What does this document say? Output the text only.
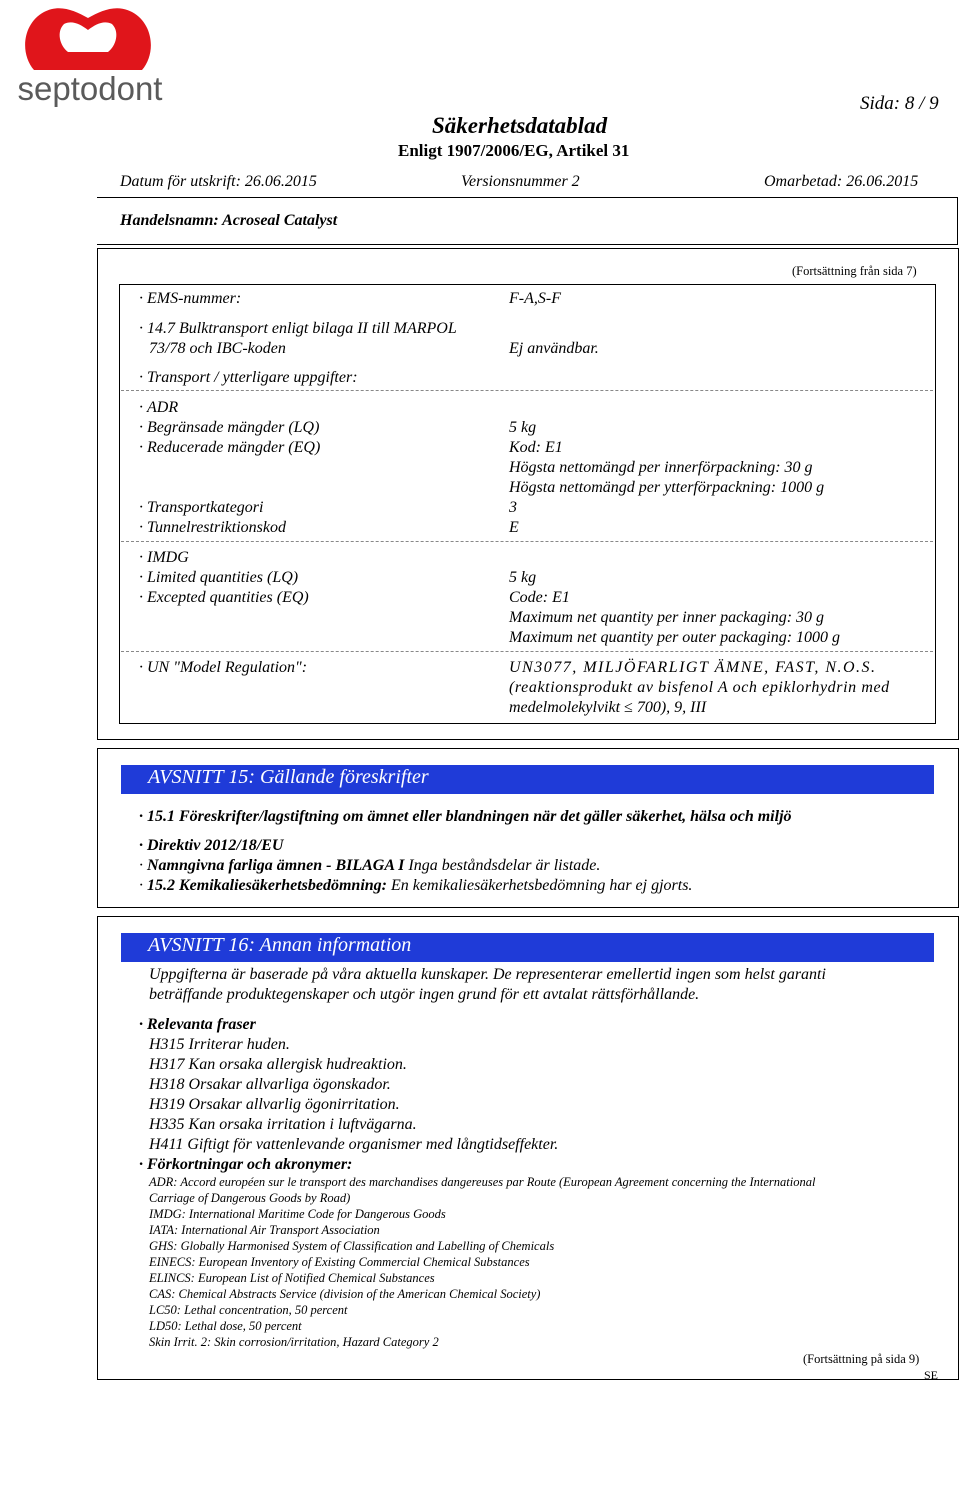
septodont	Sida: 8 / 9
Säkerhetsdatablad
Enligt 1907/2006/EG, Artikel 31
Datum för utskrift: 26.06.2015	Versionsnummer 2	Omarbetad: 26.06.2015
Handelsnamn: Acroseal Catalyst
(Fortsättning från sida 7)
· EMS-nummer:	F-A,S-F
· 14.7 Bulktransport enligt bilaga II till MARPOL
73/78 och IBC-koden	Ej användbar.
· Transport / ytterligare uppgifter:
· ADR
· Begränsade mängder (LQ)	5 kg
· Reducerade mängder (EQ)	Kod: E1
Högsta nettomängd per innerförpackning: 30 g
Högsta nettomängd per ytterförpackning: 1000 g
· Transportkategori	3
· Tunnelrestriktionskod	E
· IMDG
· Limited quantities (LQ)	5 kg
· Excepted quantities (EQ)	Code: E1
Maximum net quantity per inner packaging: 30 g
Maximum net quantity per outer packaging: 1000 g
· UN "Model Regulation":	UN3077, MILJÖFARLIGT ÄMNE, FAST, N.O.S.
(reaktionsprodukt av bisfenol A och epiklorhydrin med
medelmolekylvikt ≤ 700), 9, III
AVSNITT 15: Gällande föreskrifter
· 15.1 Föreskrifter/lagstiftning om ämnet eller blandningen när det gäller säkerhet, hälsa och miljö
· Direktiv 2012/18/EU
· Namngivna farliga ämnen - BILAGA I Inga beståndsdelar är listade.
· 15.2 Kemikaliesäkerhetsbedömning: En kemikaliesäkerhetsbedömning har ej gjorts.
AVSNITT 16: Annan information
Uppgifterna är baserade på våra aktuella kunskaper. De representerar emellertid ingen som helst garanti
beträffande produktegenskaper och utgör ingen grund för ett avtalat rättsförhållande.
· Relevanta fraser
H315 Irriterar huden.
H317 Kan orsaka allergisk hudreaktion.
H318 Orsakar allvarliga ögonskador.
H319 Orsakar allvarlig ögonirritation.
H335 Kan orsaka irritation i luftvägarna.
H411 Giftigt för vattenlevande organismer med långtidseffekter.
· Förkortningar och akronymer:
ADR: Accord européen sur le transport des marchandises dangereuses par Route (European Agreement concerning the International
Carriage of Dangerous Goods by Road)
IMDG: International Maritime Code for Dangerous Goods
IATA: International Air Transport Association
GHS: Globally Harmonised System of Classification and Labelling of Chemicals
EINECS: European Inventory of Existing Commercial Chemical Substances
ELINCS: European List of Notified Chemical Substances
CAS: Chemical Abstracts Service (division of the American Chemical Society)
LC50: Lethal concentration, 50 percent
LD50: Lethal dose, 50 percent
Skin Irrit. 2: Skin corrosion/irritation, Hazard Category 2
(Fortsättning på sida 9)
SE
